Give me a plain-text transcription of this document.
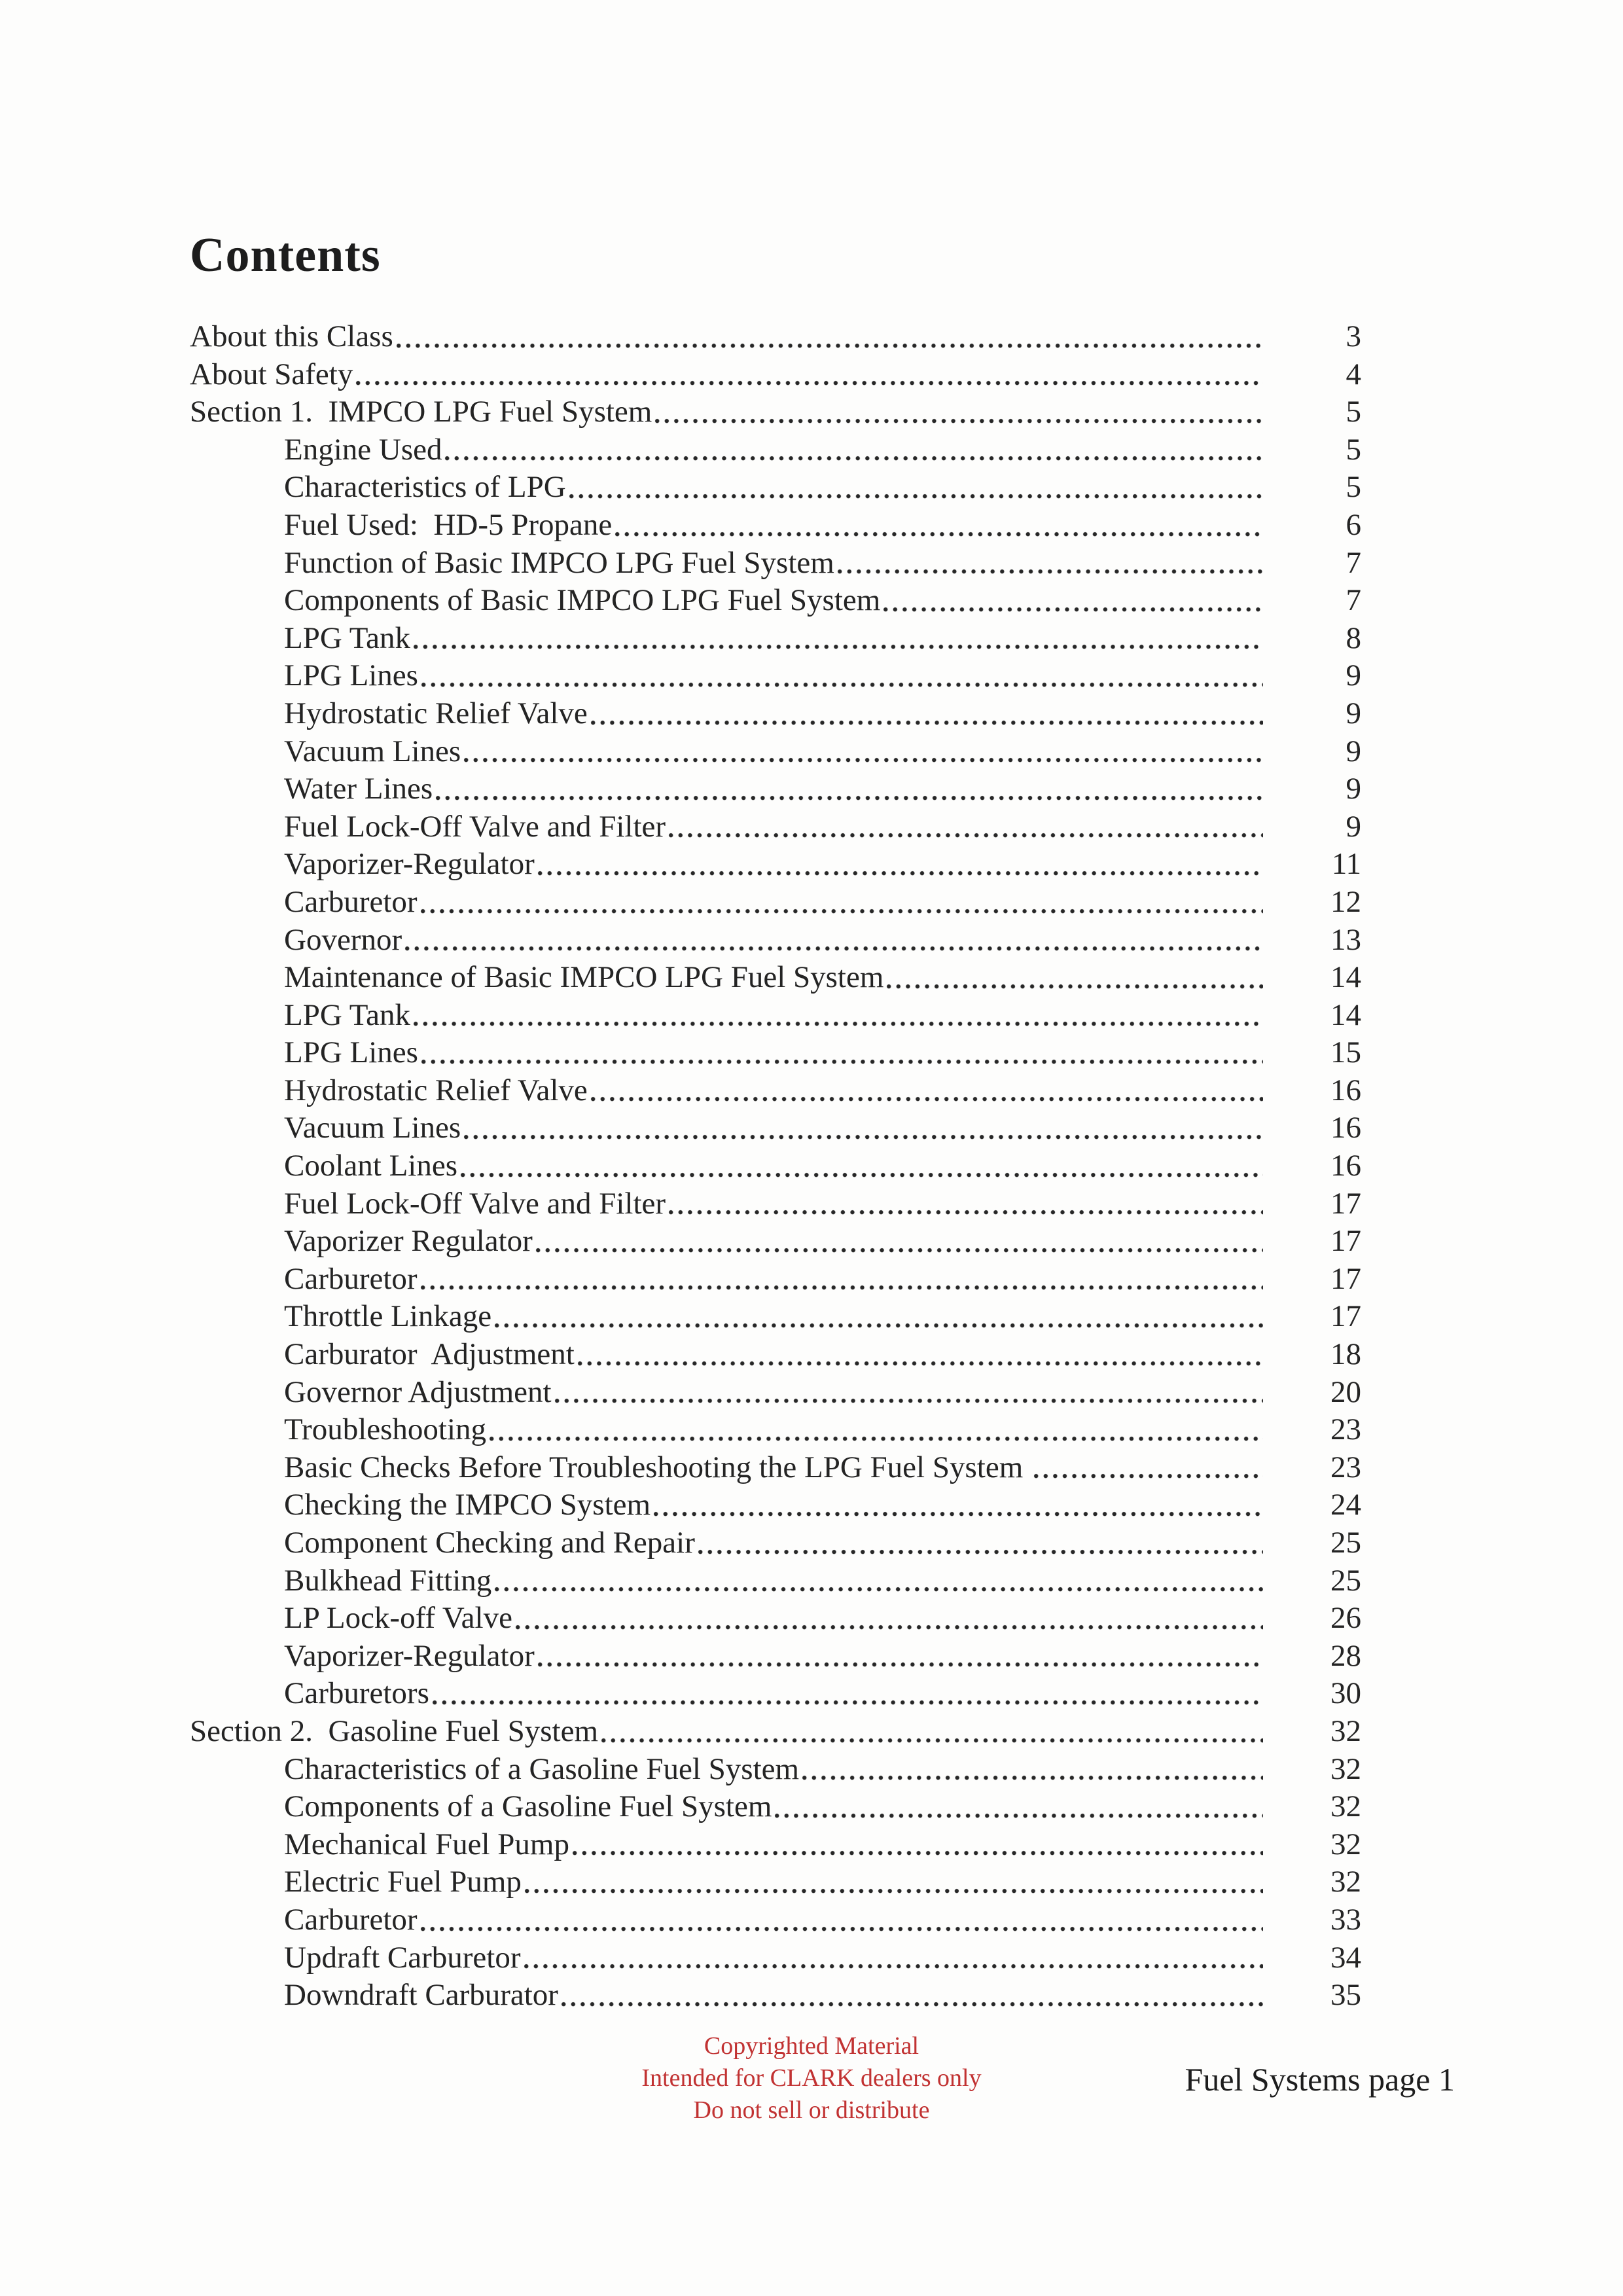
Contents
About this Class	3
About Safety	4
Section 1.  IMPCO LPG Fuel System	5
Engine Used	5
Characteristics of LPG	5
Fuel Used:  HD-5 Propane	6
Function of Basic IMPCO LPG Fuel System	7
Components of Basic IMPCO LPG Fuel System	7
LPG Tank	8
LPG Lines	9
Hydrostatic Relief Valve	9
Vacuum Lines	9
Water Lines	9
Fuel Lock-Off Valve and Filter	9
Vaporizer-Regulator	11
Carburetor	12
Governor	13
Maintenance of Basic IMPCO LPG Fuel System	14
LPG Tank	14
LPG Lines	15
Hydrostatic Relief Valve	16
Vacuum Lines	16
Coolant Lines	16
Fuel Lock-Off Valve and Filter	17
Vaporizer Regulator	17
Carburetor	17
Throttle Linkage	17
Carburator  Adjustment	18
Governor Adjustment	20
Troubleshooting	23
Basic Checks Before Troubleshooting the LPG Fuel System	23
Checking the IMPCO System	24
Component Checking and Repair	25
Bulkhead Fitting	25
LP Lock-off Valve	26
Vaporizer-Regulator	28
Carburetors	30
Section 2.  Gasoline Fuel System	32
Characteristics of a Gasoline Fuel System	32
Components of a Gasoline Fuel System	32
Mechanical Fuel Pump	32
Electric Fuel Pump	32
Carburetor	33
Updraft Carburetor	34
Downdraft Carburator	35
Copyrighted Material
Intended for CLARK dealers only
Do not sell or distribute
Fuel Systems page 1
